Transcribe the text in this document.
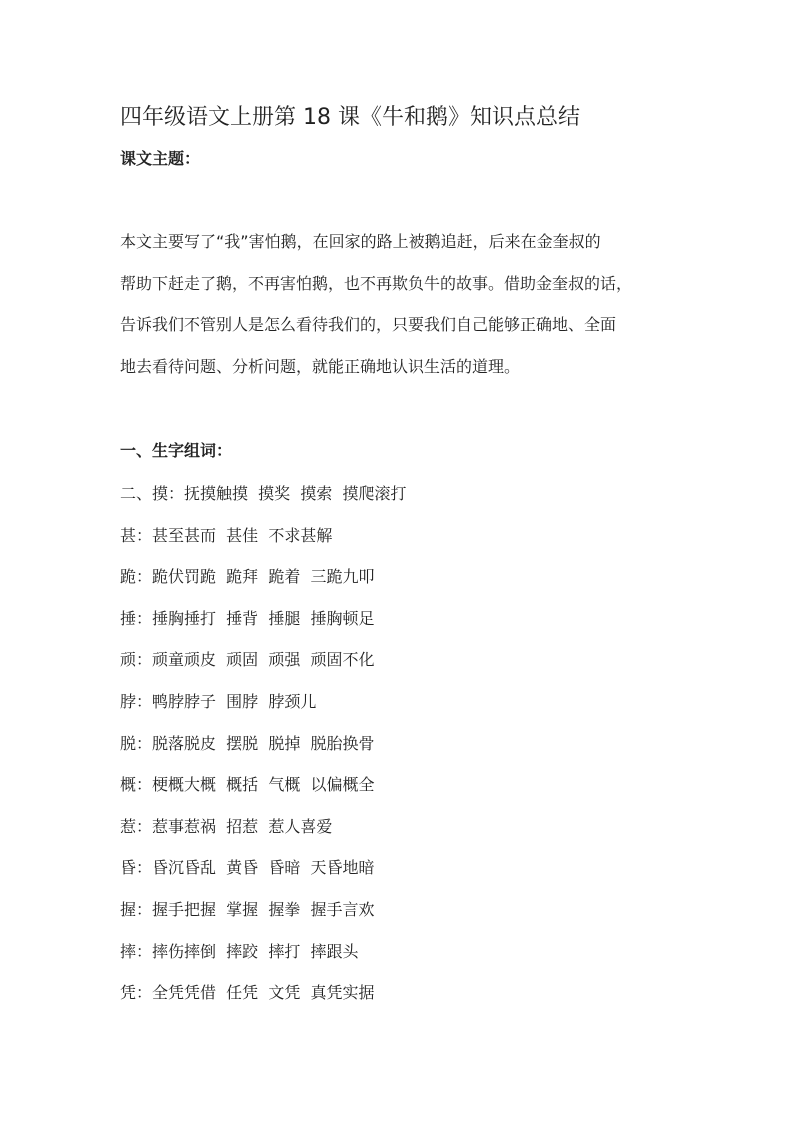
四年级语文上册第 18 课《牛和鹅》知识点总结
课文主题：
本文主要写了“我”害怕鹅，在回家的路上被鹅追赶，后来在金奎叔的
帮助下赶走了鹅，不再害怕鹅，也不再欺负牛的故事。借助金奎叔的话，
告诉我们不管别人是怎么看待我们的，只要我们自己能够正确地、全面
地去看待问题、分析问题，就能正确地认识生活的道理。
一、生字组词：
二、摸：抚摸触摸  摸奖  摸索  摸爬滚打
甚：甚至甚而  甚佳  不求甚解
跪：跪伏罚跪  跪拜  跪着  三跪九叩
捶：捶胸捶打  捶背  捶腿  捶胸顿足
顽：顽童顽皮  顽固  顽强  顽固不化
脖：鸭脖脖子  围脖  脖颈儿
脱：脱落脱皮  摆脱  脱掉  脱胎换骨
概：梗概大概  概括  气概  以偏概全
惹：惹事惹祸  招惹  惹人喜爱
昏：昏沉昏乱  黄昏  昏暗  天昏地暗
握：握手把握  掌握  握拳  握手言欢
摔：摔伤摔倒  摔跤  摔打  摔跟头
凭：全凭凭借  任凭  文凭  真凭实据
